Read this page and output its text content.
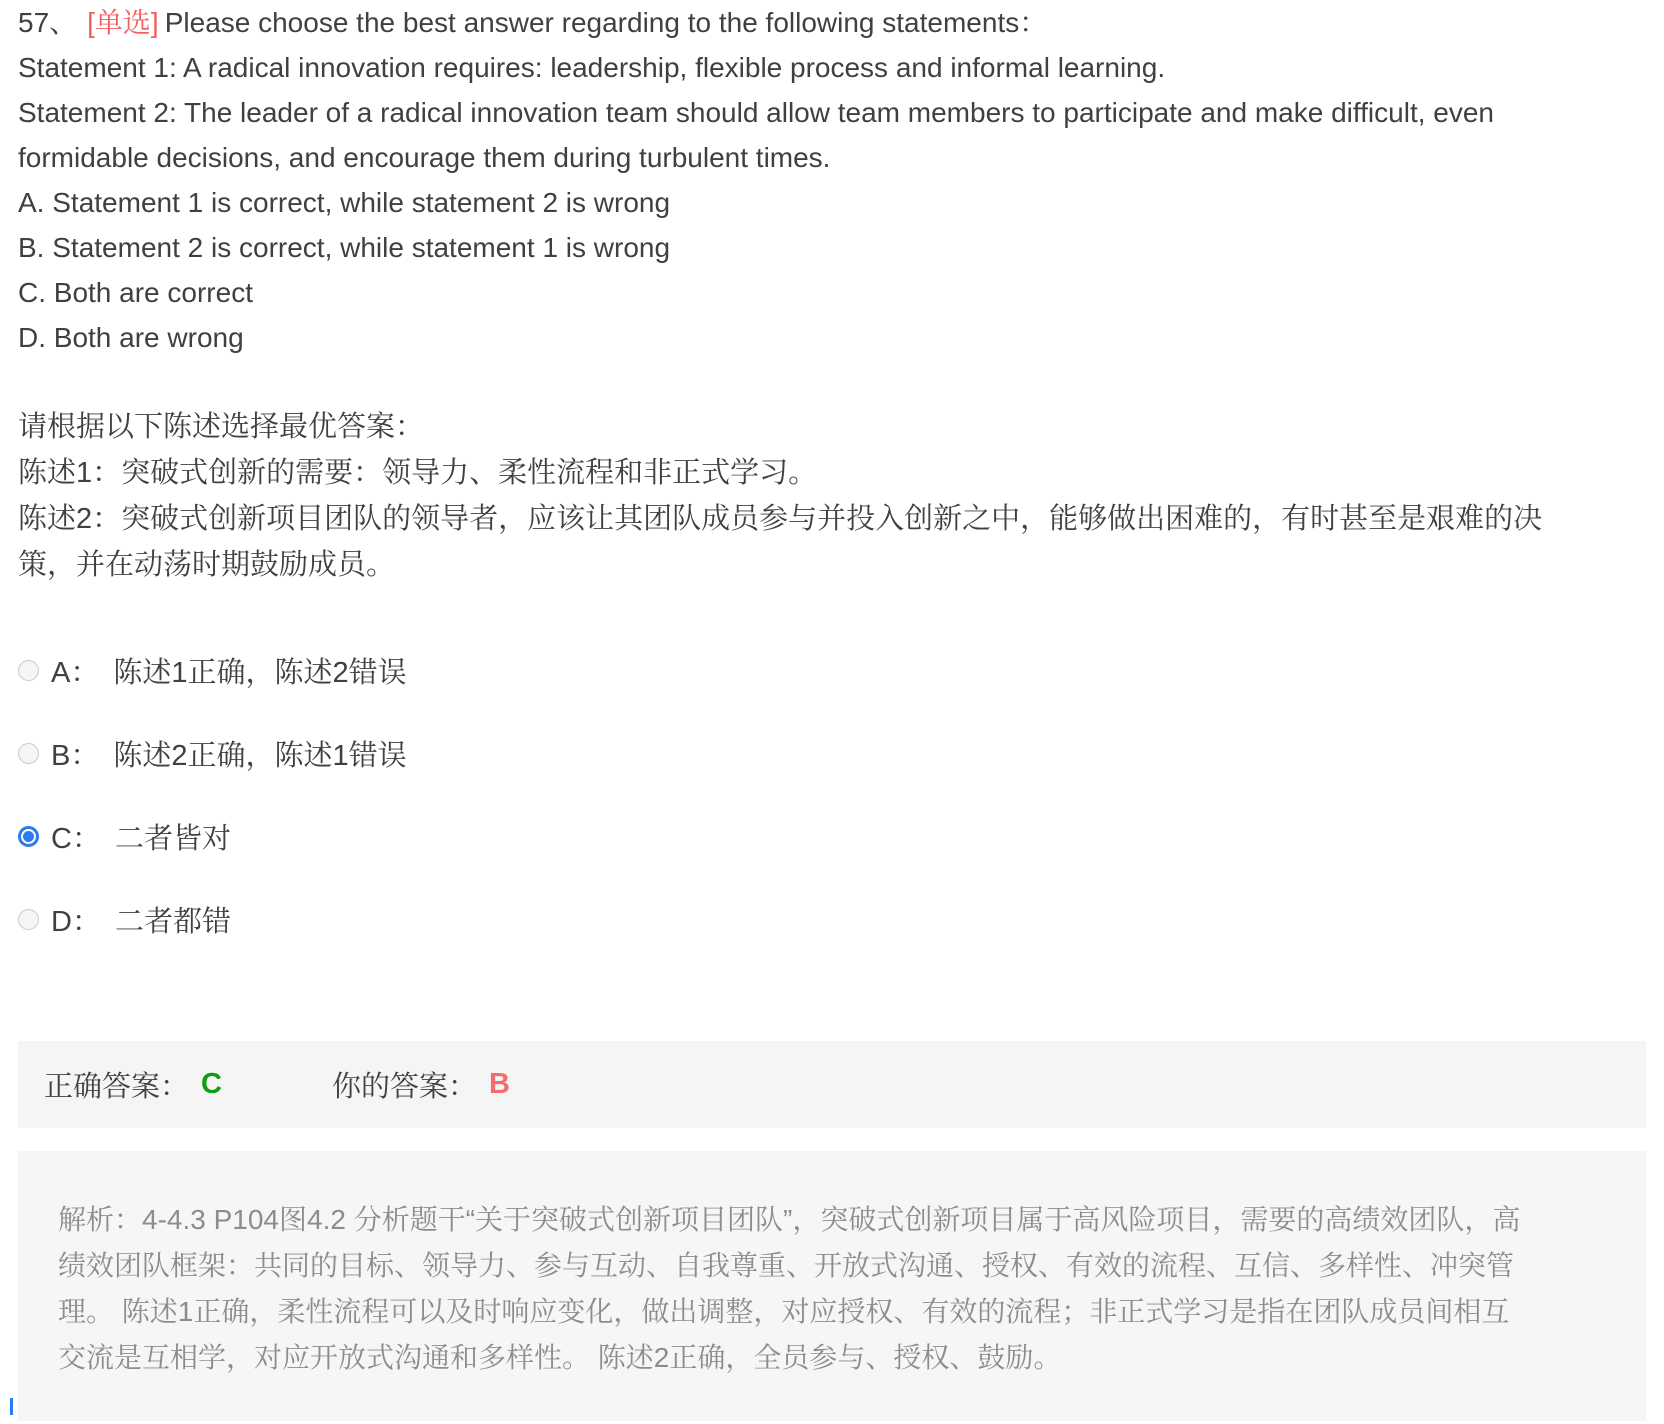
57、 [单选] Please choose the best answer regarding to the following statements：
Statement 1: A radical innovation requires: leadership, flexible process and informal learning.
Statement 2: The leader of a radical innovation team should allow team members to participate and make difficult, even formidable decisions, and encourage them during turbulent times.
A. Statement 1 is correct, while statement 2 is wrong
B. Statement 2 is correct, while statement 1 is wrong
C. Both are correct
D. Both are wrong
请根据以下陈述选择最优答案：
陈述1：突破式创新的需要：领导力、柔性流程和非正式学习。
陈述2：突破式创新项目团队的领导者，应该让其团队成员参与并投入创新之中，能够做出困难的，有时甚至是艰难的决策，并在动荡时期鼓励成员。
A： 陈述1正确，陈述2错误
B： 陈述2正确，陈述1错误
C： 二者皆对
D： 二者都错
正确答案： C	你的答案： B
解析：4-4.3 P104图4.2 分析题干“关于突破式创新项目团队”，突破式创新项目属于高风险项目，需要的高绩效团队，高绩效团队框架：共同的目标、领导力、参与互动、自我尊重、开放式沟通、授权、有效的流程、互信、多样性、冲突管理。 陈述1正确，柔性流程可以及时响应变化，做出调整，对应授权、有效的流程；非正式学习是指在团队成员间相互交流是互相学，对应开放式沟通和多样性。 陈述2正确，全员参与、授权、鼓励。
